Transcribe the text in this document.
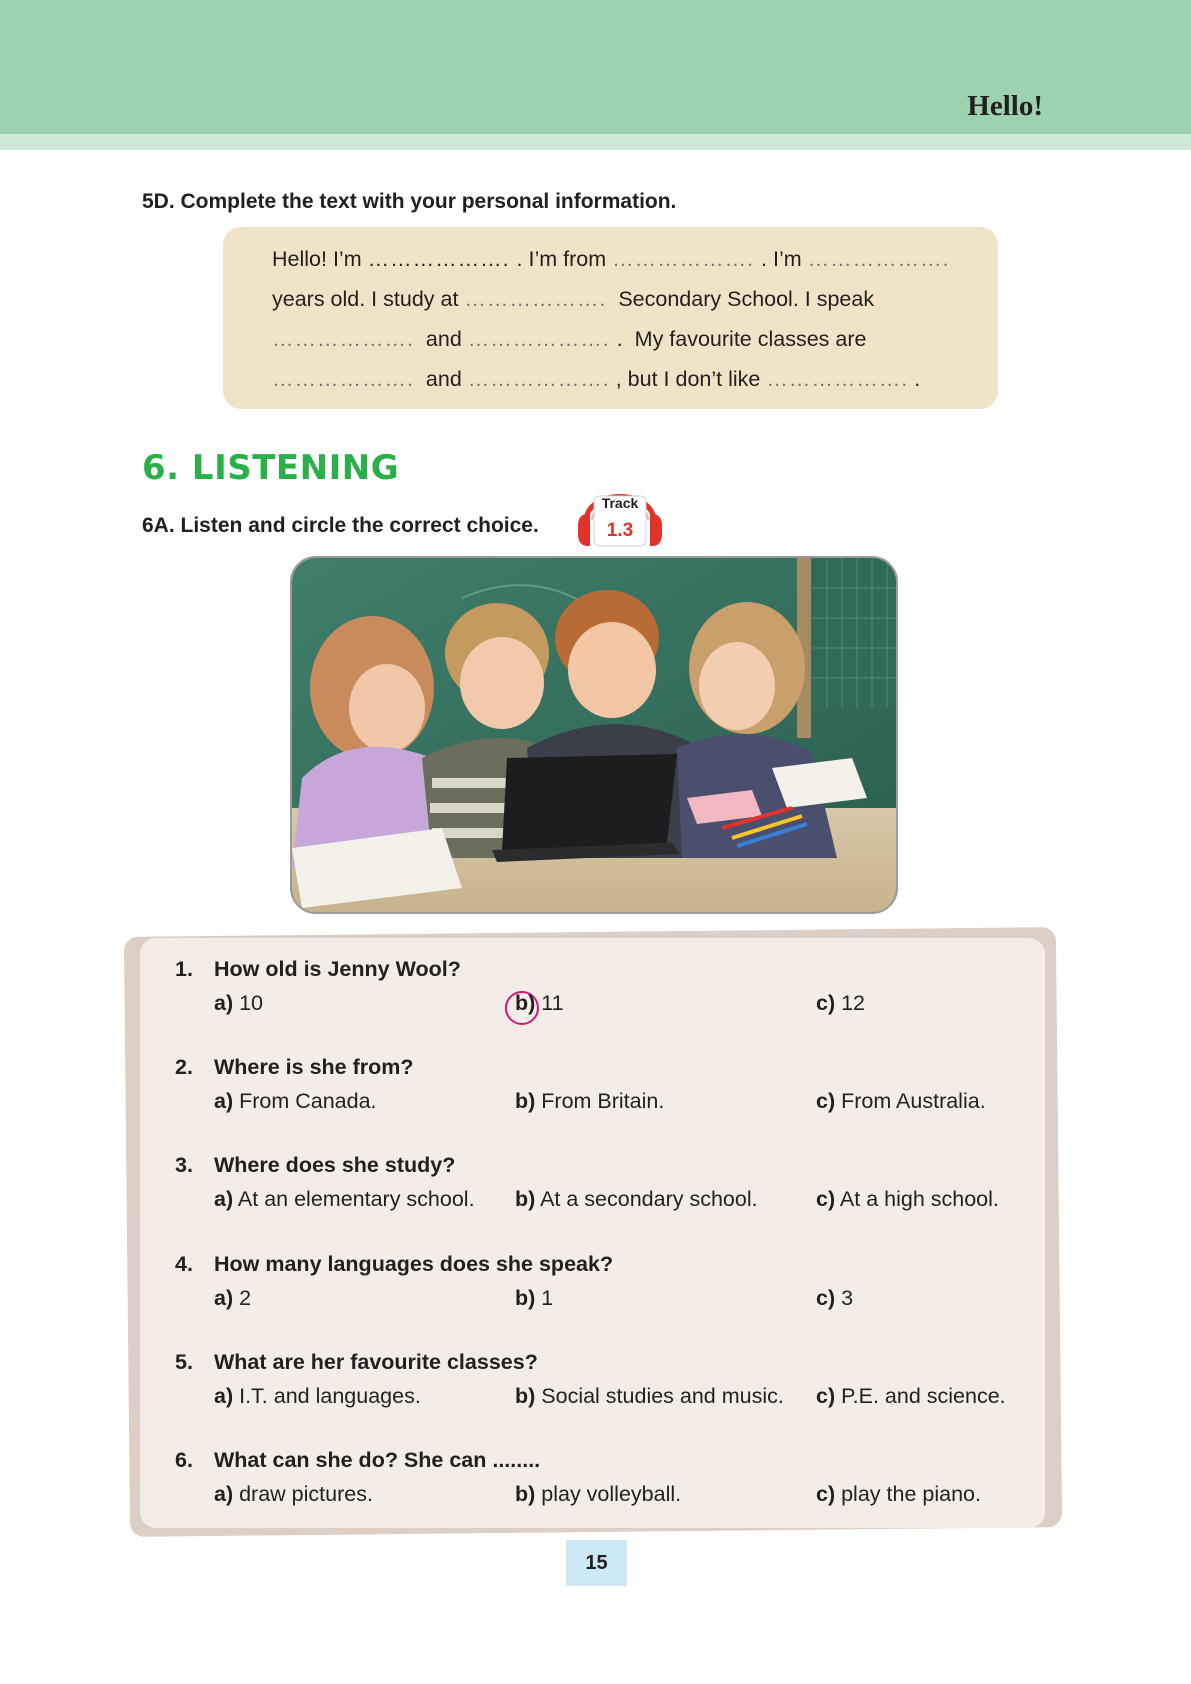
Hello!
5D. Complete the text with your personal information.
Hello! I’m ………………. . I’m from ………………. . I’m ……………….
years old. I study at ……………….  Secondary School. I speak
……………….  and ………………. .  My favourite classes are
……………….  and ………………. , but I don’t like ………………. .
6. LISTENING
6A. Listen and circle the correct choice.
Track
1.3
1. How old is Jenny Wool?
a) 10	b) 11	c) 12
2. Where is she from?
a) From Canada.	b) From Britain.	c) From Australia.
3. Where does she study?
a) At an elementary school. b) At a secondary school.	c) At a high school.
4. How many languages does she speak?
a) 2	b) 1	c) 3
5. What are her favourite classes?
a) I.T. and languages.	b) Social studies and music. c) P.E. and science.
6. What can she do? She can ........
a) draw pictures.	b) play volleyball.	c) play the piano.
15
